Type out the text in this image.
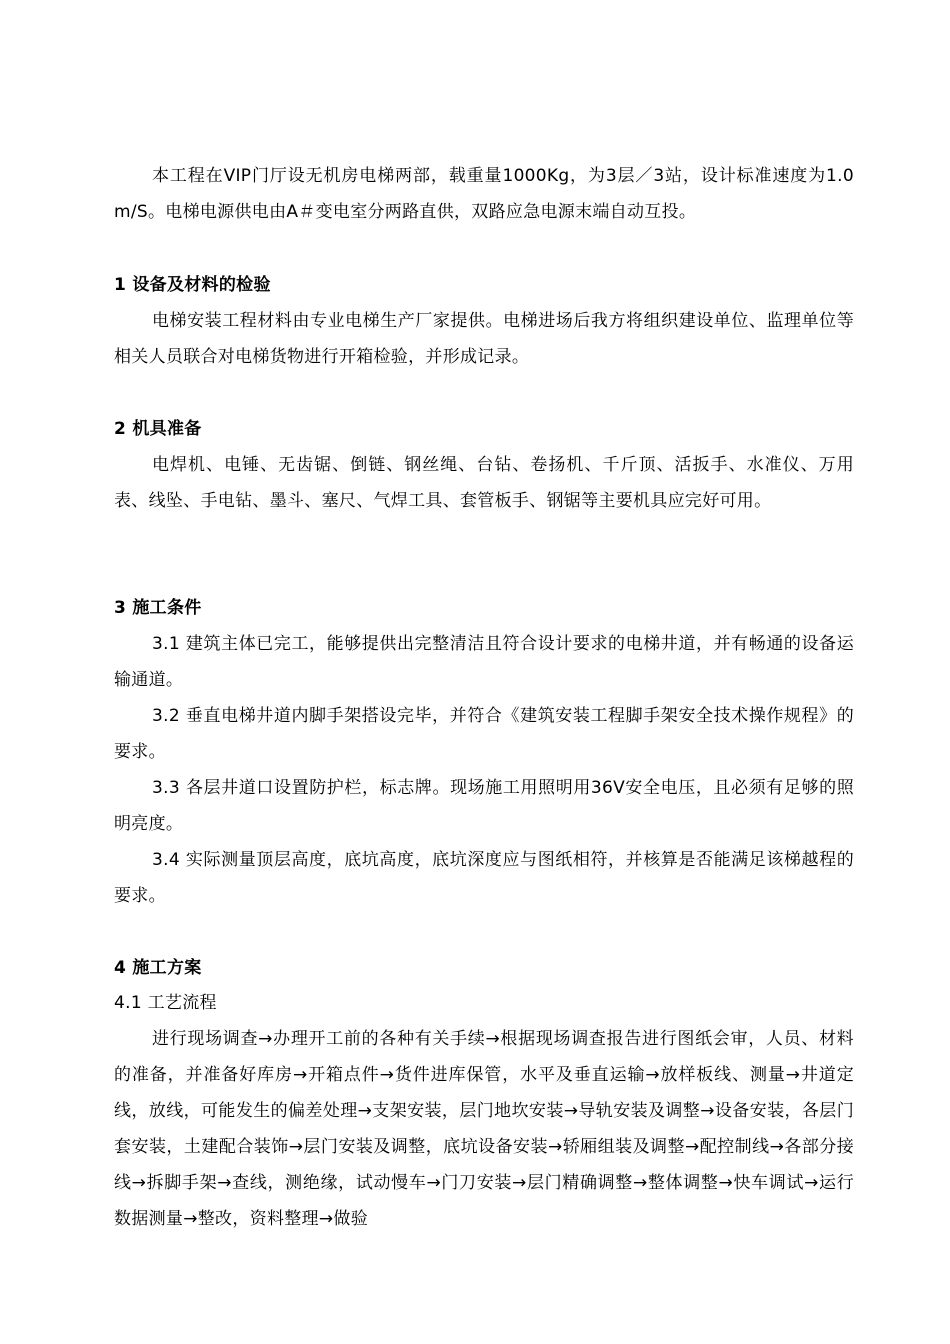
本工程在VIP门厅设无机房电梯两部，载重量1000Kg，为3层／3站，设计标准速度为1.0m/S。电梯电源供电由A＃变电室分两路直供，双路应急电源末端自动互投。

1 设备及材料的检验

电梯安装工程材料由专业电梯生产厂家提供。电梯进场后我方将组织建设单位、监理单位等相关人员联合对电梯货物进行开箱检验，并形成记录。

2 机具准备

电焊机、电锤、无齿锯、倒链、钢丝绳、台钻、卷扬机、千斤顶、活扳手、水准仪、万用表、线坠、手电钻、墨斗、塞尺、气焊工具、套管板手、钢锯等主要机具应完好可用。

3 施工条件

3.1 建筑主体已完工，能够提供出完整清洁且符合设计要求的电梯井道，并有畅通的设备运输通道。

3.2 垂直电梯井道内脚手架搭设完毕，并符合《建筑安装工程脚手架安全技术操作规程》的要求。

3.3 各层井道口设置防护栏，标志牌。现场施工用照明用36V安全电压，且必须有足够的照明亮度。

3.4 实际测量顶层高度，底坑高度，底坑深度应与图纸相符，并核算是否能满足该梯越程的要求。

4 施工方案

4.1 工艺流程

进行现场调查→办理开工前的各种有关手续→根据现场调查报告进行图纸会审，人员、材料的准备，并准备好库房→开箱点件→货件进库保管，水平及垂直运输→放样板线、测量→井道定线，放线，可能发生的偏差处理→支架安装，层门地坎安装→导轨安装及调整→设备安装，各层门套安装，土建配合装饰→层门安装及调整，底坑设备安装→轿厢组装及调整→配控制线→各部分接线→拆脚手架→查线，测绝缘，试动慢车→门刀安装→层门精确调整→整体调整→快车调试→运行数据测量→整改，资料整理→做验
